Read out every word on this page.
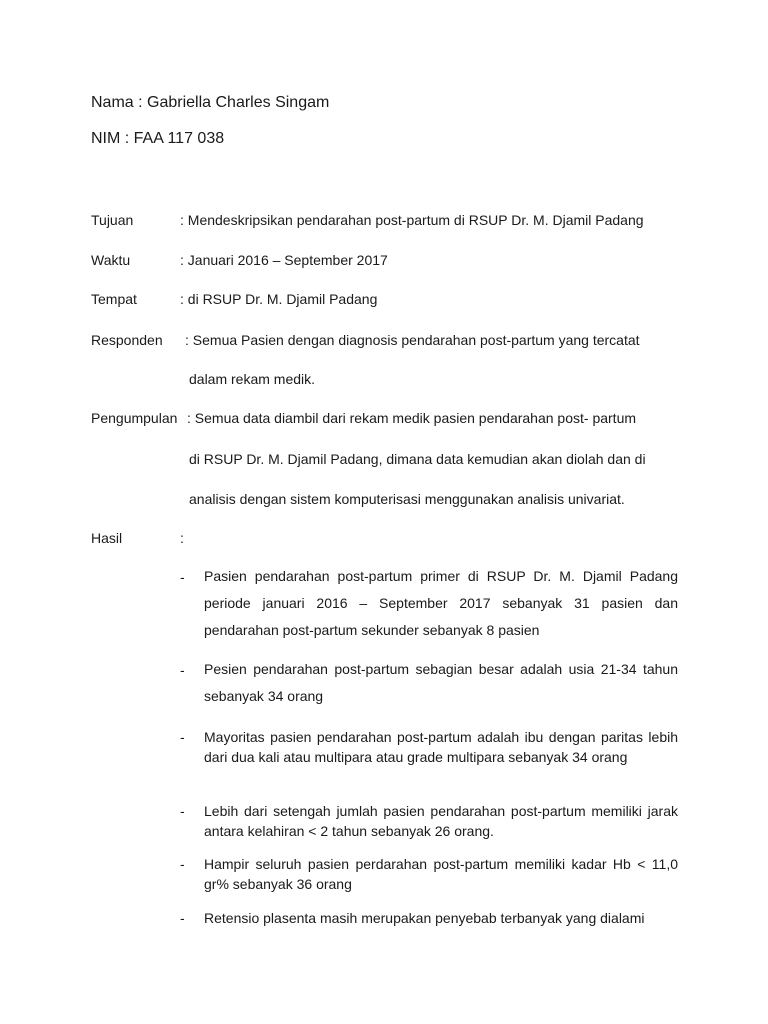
Nama : Gabriella Charles Singam
NIM : FAA 117 038
Tujuan	: Mendeskripsikan pendarahan post-partum di RSUP Dr. M. Djamil Padang
Waktu	: Januari 2016 – September 2017
Tempat	: di RSUP Dr. M. Djamil Padang
Responden : Semua Pasien dengan diagnosis pendarahan post-partum yang tercatat
dalam rekam medik.
Pengumpulan : Semua data diambil dari rekam medik pasien pendarahan post- partum
di RSUP Dr. M. Djamil Padang, dimana data kemudian akan diolah dan di
analisis dengan sistem komputerisasi menggunakan analisis univariat.
Hasil	:
- Pasien pendarahan post-partum primer di RSUP Dr. M. Djamil Padang periode januari 2016 – September 2017 sebanyak 31 pasien dan pendarahan post-partum sekunder sebanyak 8 pasien
- Pesien pendarahan post-partum sebagian besar adalah usia 21-34 tahun sebanyak 34 orang
- Mayoritas pasien pendarahan post-partum adalah ibu dengan paritas lebih dari dua kali atau multipara atau grade multipara sebanyak 34 orang
- Lebih dari setengah jumlah pasien pendarahan post-partum memiliki jarak antara kelahiran < 2 tahun sebanyak 26 orang.
- Hampir seluruh pasien perdarahan post-partum memiliki kadar Hb < 11,0 gr% sebanyak 36 orang
- Retensio plasenta masih merupakan penyebab terbanyak yang dialami
